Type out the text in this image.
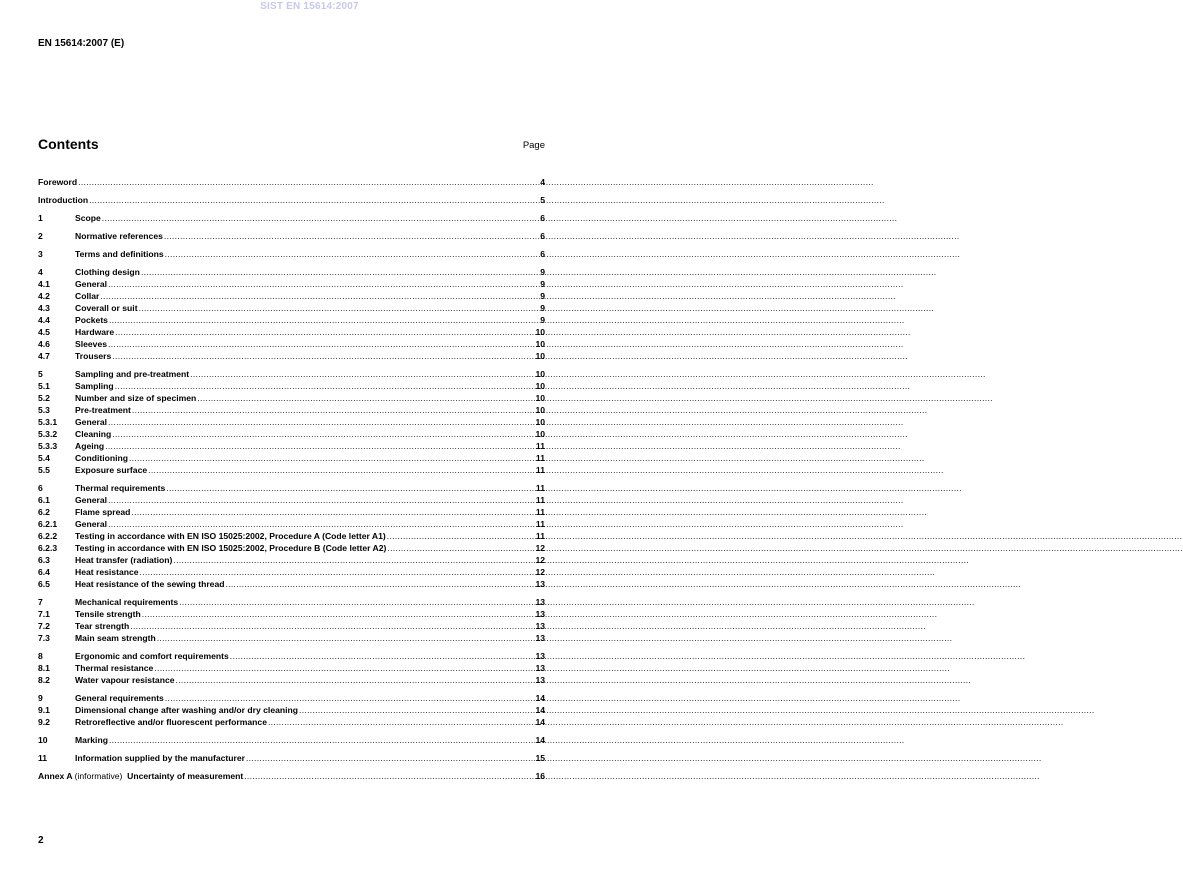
SIST EN 15614:2007
EN 15614:2007 (E)
Contents	Page
Foreword .....	4
Introduction .....	5
1	Scope .....	6
2	Normative references .....	6
3	Terms and definitions .....	6
4	Clothing design .....	9
4.1	General .....	9
4.2	Collar .....	9
4.3	Coverall or suit .....	9
4.4	Pockets .....	9
4.5	Hardware .....	10
4.6	Sleeves .....	10
4.7	Trousers .....	10
5	Sampling and pre-treatment .....	10
5.1	Sampling .....	10
5.2	Number and size of specimen .....	10
5.3	Pre-treatment .....	10
5.3.1	General .....	10
5.3.2	Cleaning .....	10
5.3.3	Ageing .....	11
5.4	Conditioning .....	11
5.5	Exposure surface .....	11
6	Thermal requirements .....	11
6.1	General .....	11
6.2	Flame spread .....	11
6.2.1	General .....	11
6.2.2	Testing in accordance with EN ISO 15025:2002, Procedure A (Code letter A1) .....	11
6.2.3	Testing in accordance with EN ISO 15025:2002, Procedure B (Code letter A2) .....	12
6.3	Heat transfer (radiation) .....	12
6.4	Heat resistance .....	12
6.5	Heat resistance of the sewing thread .....	13
7	Mechanical requirements .....	13
7.1	Tensile strength .....	13
7.2	Tear strength .....	13
7.3	Main seam strength .....	13
8	Ergonomic and comfort requirements .....	13
8.1	Thermal resistance .....	13
8.2	Water vapour resistance .....	13
9	General requirements .....	14
9.1	Dimensional change after washing and/or dry cleaning .....	14
9.2	Retroreflective and/or fluorescent performance .....	14
10	Marking .....	14
11	Information supplied by the manufacturer .....	15
Annex A (informative) Uncertainty of measurement .....	16
2
